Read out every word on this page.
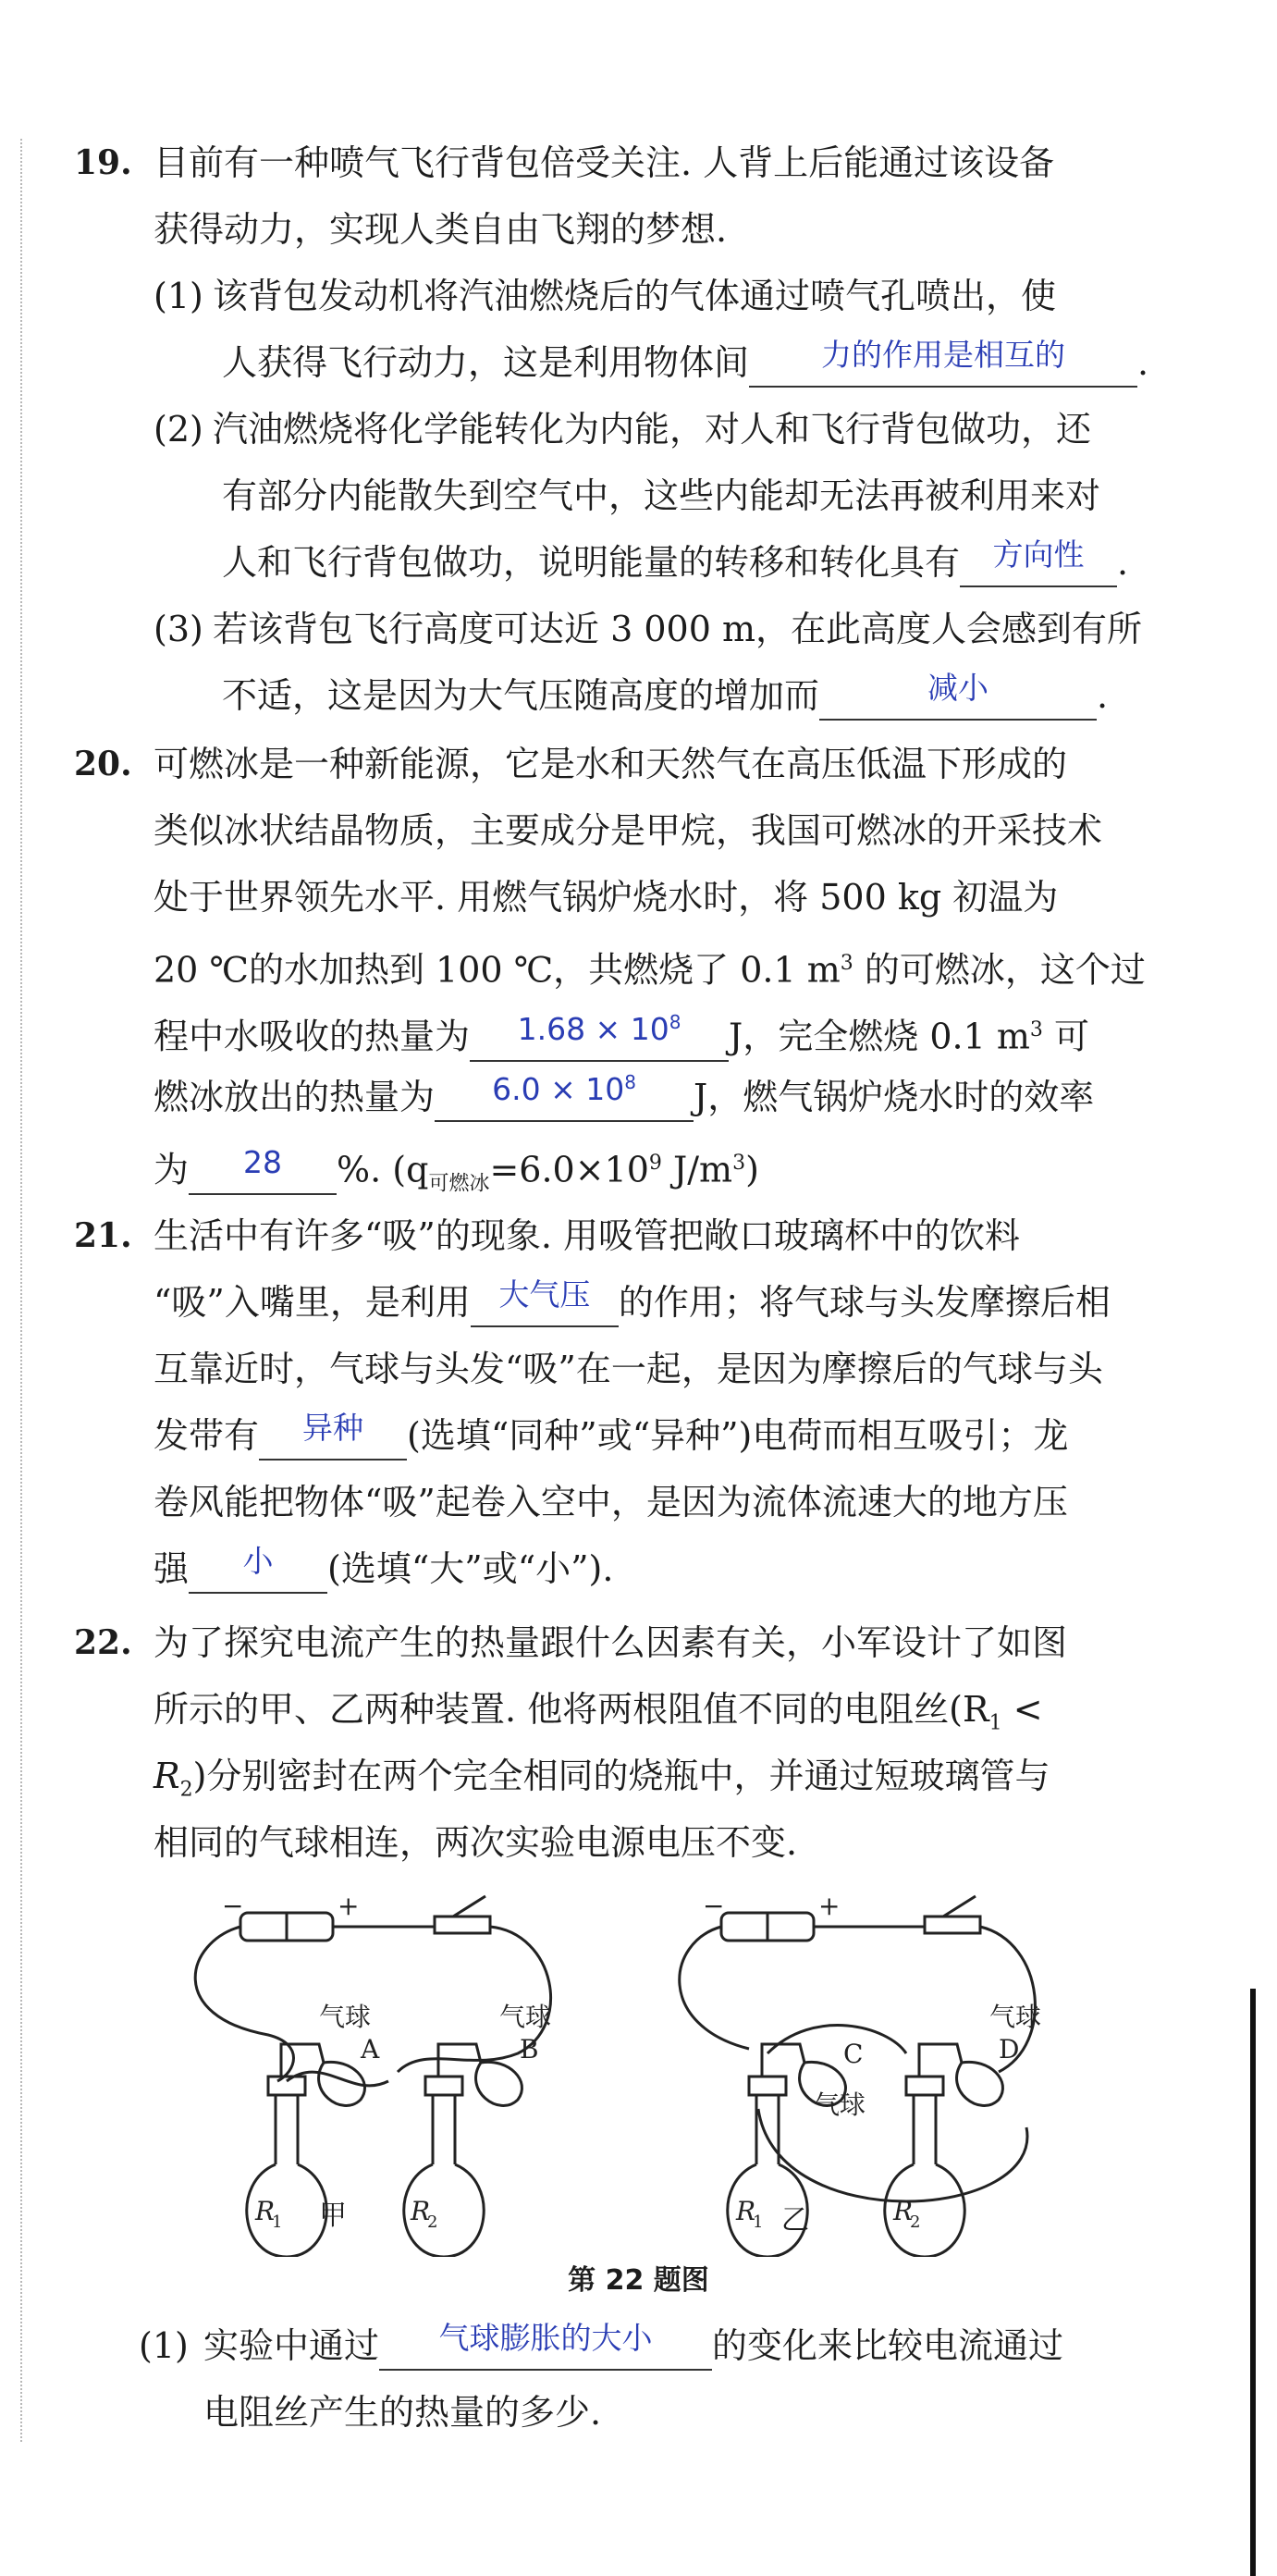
19. 目前有一种喷气飞行背包倍受关注. 人背上后能通过该设备
获得动力，实现人类自由飞翔的梦想.
(1) 该背包发动机将汽油燃烧后的气体通过喷气孔喷出，使
人获得飞行动力，这是利用物体间 力的作用是相互的 .
(2) 汽油燃烧将化学能转化为内能，对人和飞行背包做功，还
有部分内能散失到空气中，这些内能却无法再被利用来对
人和飞行背包做功，说明能量的转移和转化具有 方向性 .
(3) 若该背包飞行高度可达近 3 000 m，在此高度人会感到有所
不适，这是因为大气压随高度的增加而	减小	.
20. 可燃冰是一种新能源，它是水和天然气在高压低温下形成的
类似冰状结晶物质，主要成分是甲烷，我国可燃冰的开采技术
处于世界领先水平. 用燃气锅炉烧水时，将 500 kg 初温为
20 ℃的水加热到 100 ℃，共燃烧了 0.1 $m^3$ 的可燃冰，这个过
程中水吸收的热量为 $1.68 \times 10^8$ J，完全燃烧 0.1 $m^3$ 可
燃冰放出的热量为 $6.0 \times 10^8$ J，燃气锅炉烧水时的效率
为 28 %. ($q_{可燃冰}=6.0\times 10^9$ $J/m^3$)
21. 生活中有许多“吸”的现象. 用吸管把敞口玻璃杯中的饮料
“吸”入嘴里，是利用 大气压 的作用；将气球与头发摩擦后相
互靠近时，气球与头发“吸”在一起，是因为摩擦后的气球与头
发带有 异种 (选填“同种”或“异种”)电荷而相互吸引；龙
卷风能把物体“吸”起卷入空中，是因为流体流速大的地方压
强 小 (选填“大”或“小”).
22. 为了探究电流产生的热量跟什么因素有关，小军设计了如图
所示的甲、乙两种装置. 他将两根阻值不同的电阻丝($R_1$ <
$R_2$)分别密封在两个完全相同的烧瓶中，并通过短玻璃管与
相同的气球相连，两次实验电源电压不变.
−	+
气球
A
气球
B
R
1	R
2
−	+
C
气球
气球
D
R
1	R
2
甲	乙
第 22 题图
(1) 实验中通过 气球膨胀的大小 的变化来比较电流通过
电阻丝产生的热量的多少.
